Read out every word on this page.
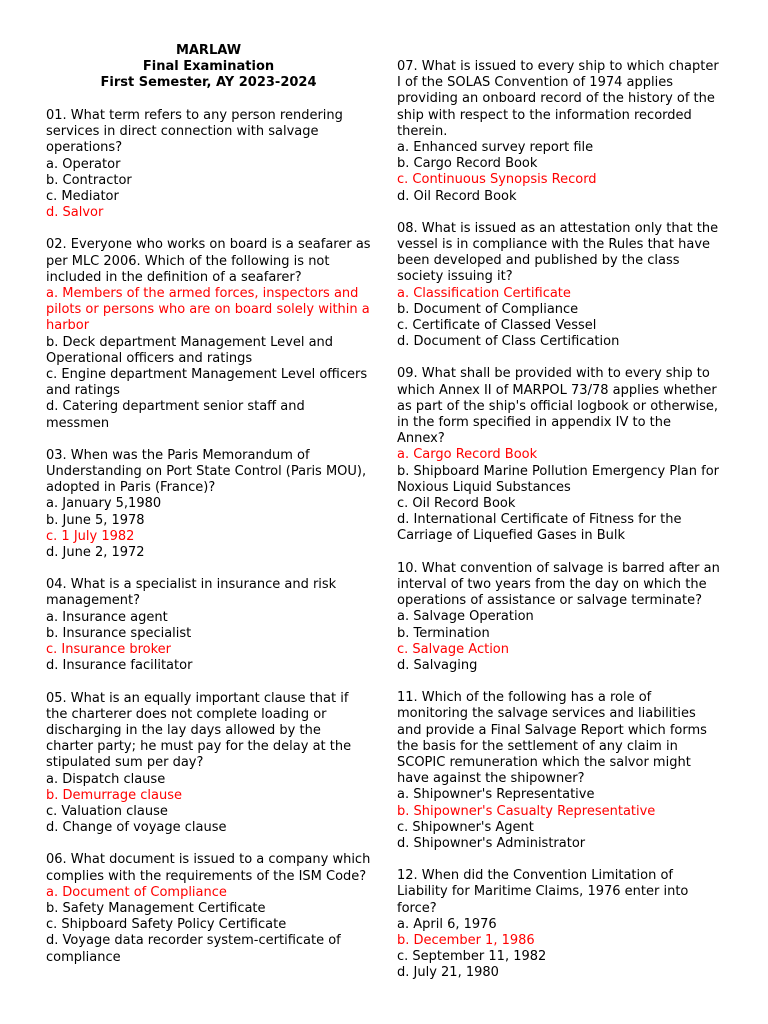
MARLAW
Final Examination
First Semester, AY 2023-2024
01. What term refers to any person rendering services in direct connection with salvage operations?
a. Operator
b. Contractor
c. Mediator
d. Salvor
02. Everyone who works on board is a seafarer as per MLC 2006. Which of the following is not included in the definition of a seafarer?
a. Members of the armed forces, inspectors and pilots or persons who are on board solely within a harbor
b. Deck department Management Level and Operational officers and ratings
c. Engine department Management Level officers and ratings
d. Catering department senior staff and messmen
03. When was the Paris Memorandum of Understanding on Port State Control (Paris MOU), adopted in Paris (France)?
a. January 5,1980
b. June 5, 1978
c. 1 July 1982
d. June 2, 1972
04. What is a specialist in insurance and risk management?
a. Insurance agent
b. Insurance specialist
c. Insurance broker
d. Insurance facilitator
05. What is an equally important clause that if the charterer does not complete loading or discharging in the lay days allowed by the charter party; he must pay for the delay at the stipulated sum per day?
a. Dispatch clause
b. Demurrage clause
c. Valuation clause
d. Change of voyage clause
06. What document is issued to a company which complies with the requirements of the ISM Code?
a. Document of Compliance
b. Safety Management Certificate
c. Shipboard Safety Policy Certificate
d. Voyage data recorder system-certificate of compliance
07. What is issued to every ship to which chapter I of the SOLAS Convention of 1974 applies providing an onboard record of the history of the ship with respect to the information recorded therein.
a. Enhanced survey report file
b. Cargo Record Book
c. Continuous Synopsis Record
d. Oil Record Book
08. What is issued as an attestation only that the vessel is in compliance with the Rules that have been developed and published by the class society issuing it?
a. Classification Certificate
b. Document of Compliance
c. Certificate of Classed Vessel
d. Document of Class Certification
09. What shall be provided with to every ship to which Annex II of MARPOL 73/78 applies whether as part of the ship's official logbook or otherwise, in the form specified in appendix IV to the Annex?
a. Cargo Record Book
b. Shipboard Marine Pollution Emergency Plan for Noxious Liquid Substances
c. Oil Record Book
d. International Certificate of Fitness for the Carriage of Liquefied Gases in Bulk
10. What convention of salvage is barred after an interval of two years from the day on which the operations of assistance or salvage terminate?
a. Salvage Operation
b. Termination
c. Salvage Action
d. Salvaging
11. Which of the following has a role of monitoring the salvage services and liabilities and provide a Final Salvage Report which forms the basis for the settlement of any claim in SCOPIC remuneration which the salvor might have against the shipowner?
a. Shipowner's Representative
b. Shipowner's Casualty Representative
c. Shipowner's Agent
d. Shipowner's Administrator
12. When did the Convention Limitation of Liability for Maritime Claims, 1976 enter into force?
a. April 6, 1976
b. December 1, 1986
c. September 11, 1982
d. July 21, 1980
